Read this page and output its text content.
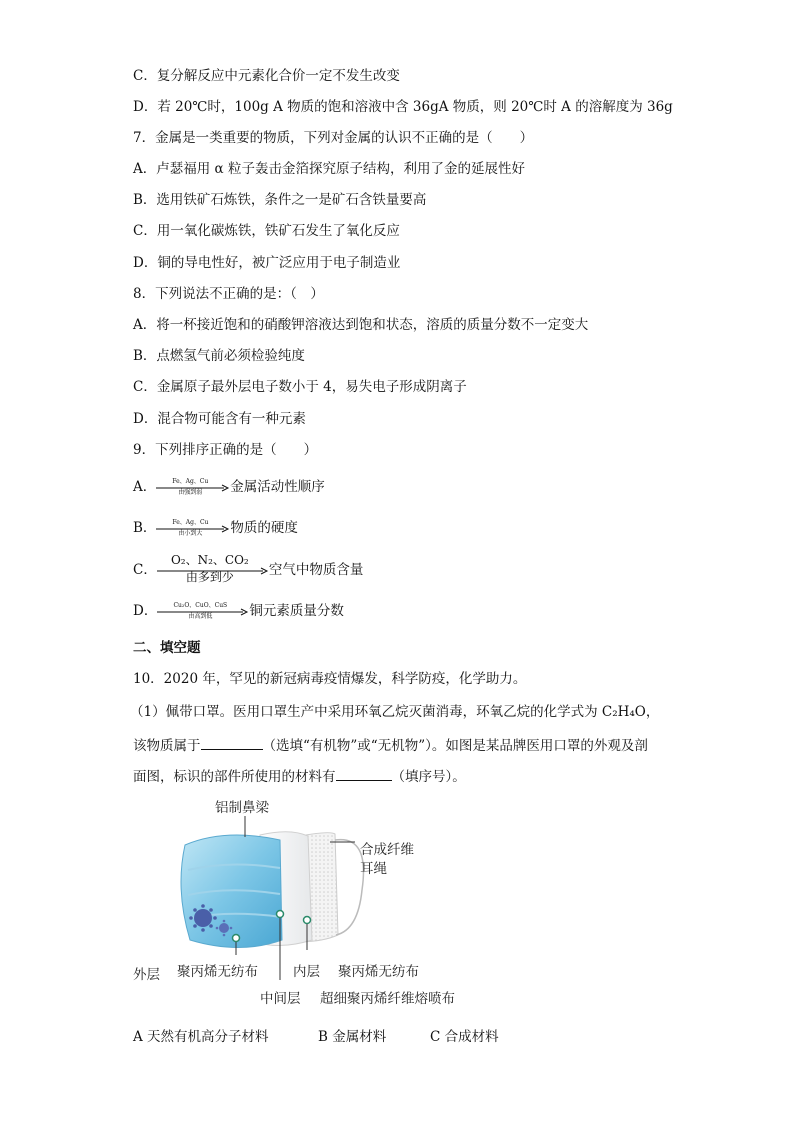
C．复分解反应中元素化合价一定不发生改变
D．若 20℃时，100g A 物质的饱和溶液中含 36gA 物质，则 20℃时 A 的溶解度为 36g
7．金属是一类重要的物质，下列对金属的认识不正确的是（　　）
A．卢瑟福用 α 粒子轰击金箔探究原子结构，利用了金的延展性好
B．选用铁矿石炼铁，条件之一是矿石含铁量要高
C．用一氧化碳炼铁，铁矿石发生了氧化反应
D．铜的导电性好，被广泛应用于电子制造业
8．下列说法不正确的是：（　）
A．将一杯接近饱和的硝酸钾溶液达到饱和状态，溶质的质量分数不一定变大
B．点燃氢气前必须检验纯度
C．金属原子最外层电子数小于 4，易失电子形成阴离子
D．混合物可能含有一种元素
9．下列排序正确的是（　　）
A．	Fe、Ag、Cu
由强到弱	金属活动性顺序
B．	Fe、Ag、Cu
由小到大	物质的硬度
C．
O₂、N₂、CO₂
由多到少	空气中物质含量
D．	Cu₂O、CuO、CuS
由高到低	铜元素质量分数
二、填空题
10．2020 年，罕见的新冠病毒疫情爆发，科学防疫，化学助力。
（1）佩带口罩。医用口罩生产中采用环氧乙烷灭菌消毒，环氧乙烷的化学式为 C₂H₄O，
该物质属于	（选填“有机物”或“无机物”）。如图是某品牌医用口罩的外观及剖
面图，标识的部件所使用的材料有	（填序号）。
铝制鼻梁
合成纤维
耳绳
外层 聚丙烯无纺布	内层 聚丙烯无纺布
中间层 超细聚丙烯纤维熔喷布
A 天然有机高分子材料	B 金属材料	C 合成材料
